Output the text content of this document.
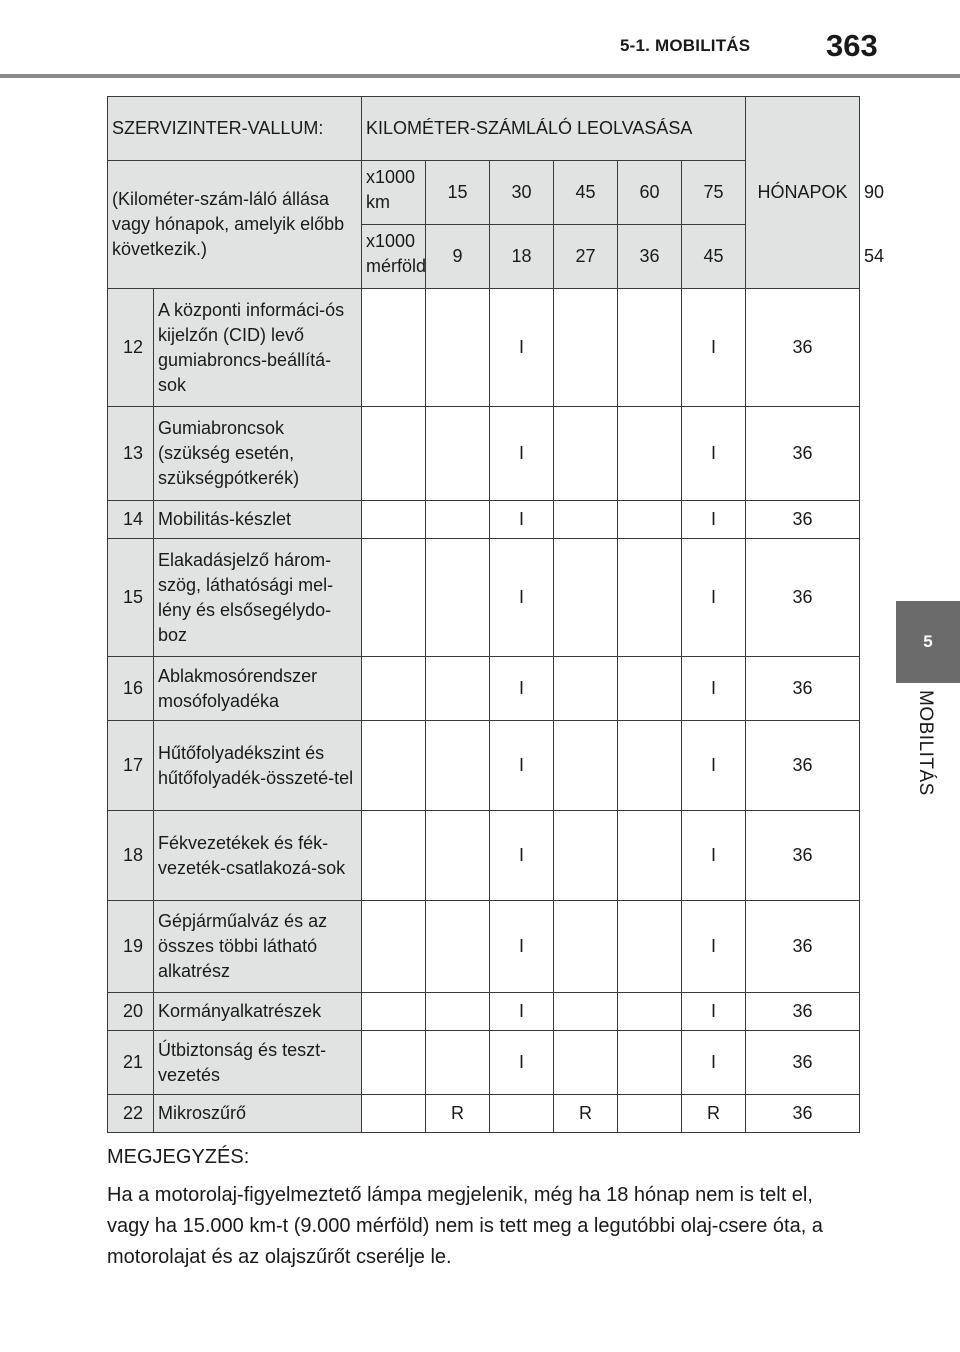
5-1. MOBILITÁS 363
5
MOBILITÁS
SZERVIZINTER-VALLUM:		KILOMÉTER-SZÁMLÁLÓ LEOLVASÁSA						HÓNAPOK	
(Kilométer-szám-láló állása vagy hónapok, amelyik előbb következik.)		x1000 km	15	30	45	60	75		90
		x1000 mérföld	9	18	27	36	45		54
12	A központi informáci-ós kijelzőn (CID) levő gumiabroncs-beállítá-sok			I			I	36	
13	Gumiabroncsok (szükség esetén, szükségpótkerék)			I			I	36	
14	Mobilitás-készlet			I			I	36	
15	Elakadásjelző három-szög, láthatósági mel-lény és elsősegélydo-boz			I			I	36	
16	Ablakmosórendszer mosófolyadéka			I			I	36	
17	Hűtőfolyadékszint és hűtőfolyadék-összeté-tel			I			I	36	
18	Fékvezetékek és fék-vezeték-csatlakozá-sok			I			I	36	
19	Gépjárműalváz és az összes többi látható alkatrész			I			I	36	
20	Kormányalkatrészek			I			I	36	
21	Útbiztonság és teszt-vezetés			I			I	36	
22	Mikroszűrő		R		R		R	36	
MEGJEGYZÉS:
Ha a motorolaj-figyelmeztető lámpa megjelenik, még ha 18 hónap nem is telt el, vagy ha 15.000 km-t (9.000 mérföld) nem is tett meg a legutóbbi olaj-csere óta, a motorolajat és az olajszűrőt cserélje le.
